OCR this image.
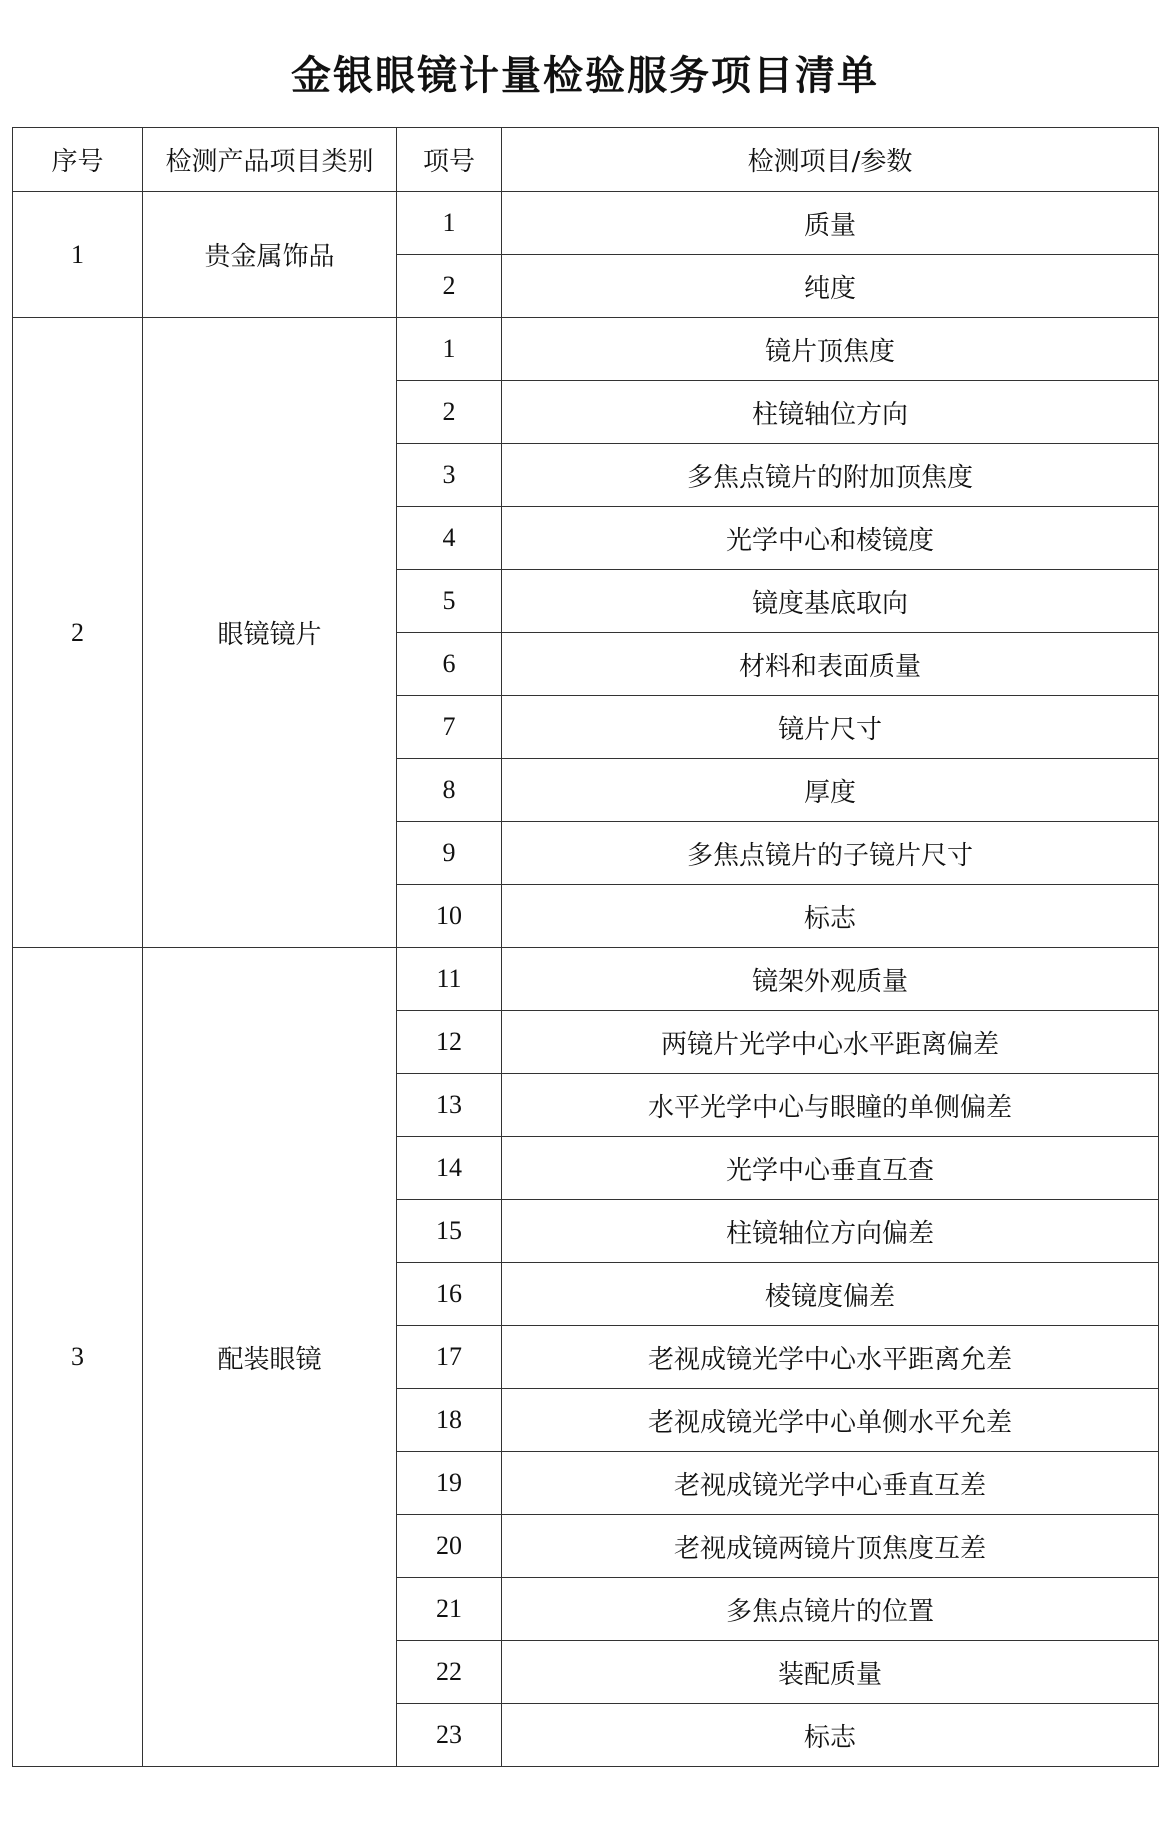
金银眼镜计量检验服务项目清单
序号	检测产品项目类别	项号	检测项目/参数
1	贵金属饰品	1	质量
		2	纯度
2	眼镜镜片	1	镜片顶焦度
		2	柱镜轴位方向
		3	多焦点镜片的附加顶焦度
		4	光学中心和棱镜度
		5	镜度基底取向
		6	材料和表面质量
		7	镜片尺寸
		8	厚度
		9	多焦点镜片的子镜片尺寸
		10	标志
3	配装眼镜	11	镜架外观质量
		12	两镜片光学中心水平距离偏差
		13	水平光学中心与眼瞳的单侧偏差
		14	光学中心垂直互查
		15	柱镜轴位方向偏差
		16	棱镜度偏差
		17	老视成镜光学中心水平距离允差
		18	老视成镜光学中心单侧水平允差
		19	老视成镜光学中心垂直互差
		20	老视成镜两镜片顶焦度互差
		21	多焦点镜片的位置
		22	装配质量
		23	标志
